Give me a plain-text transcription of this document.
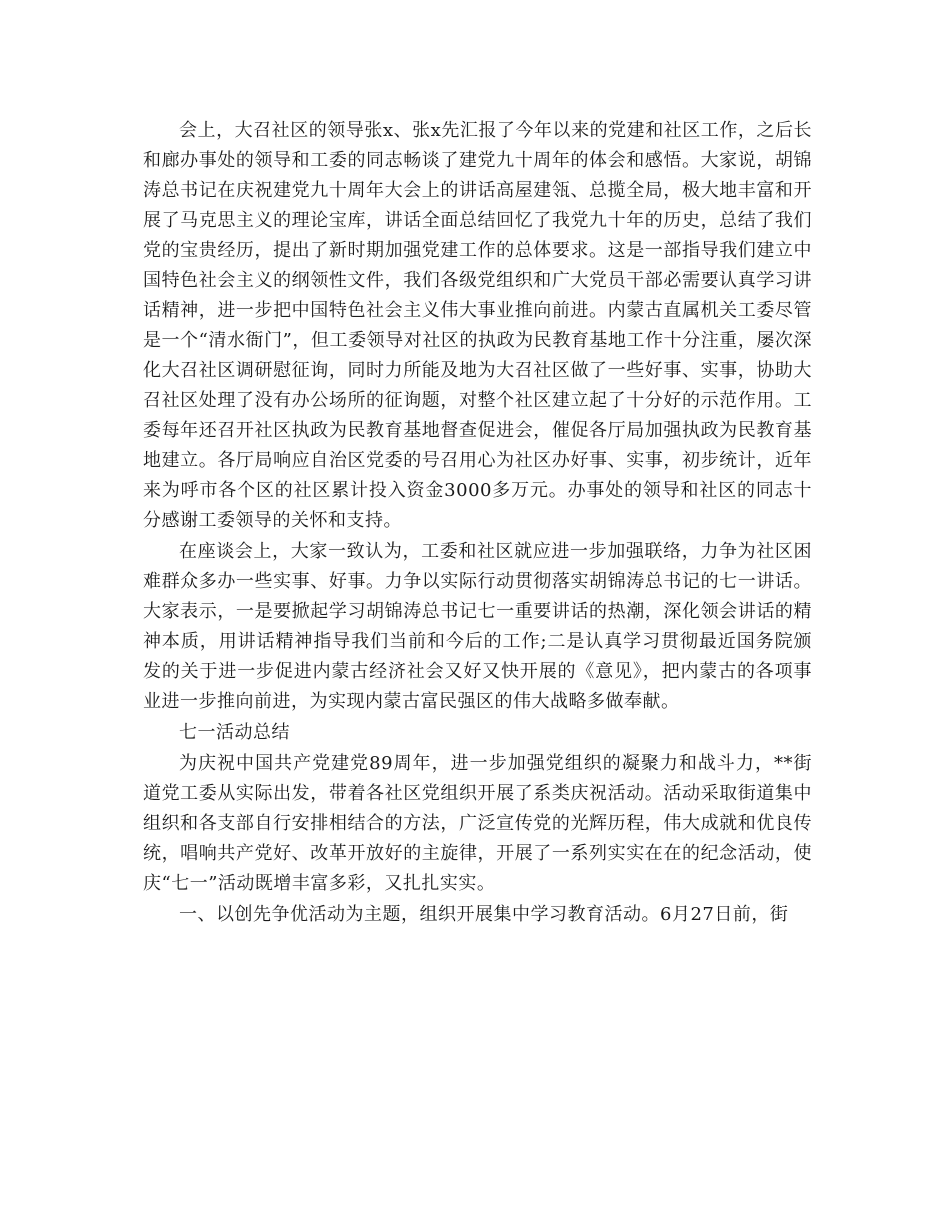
会上，大召社区的领导张x、张x先汇报了今年以来的党建和社区工作，之后长和廊办事处的领导和工委的同志畅谈了建党九十周年的体会和感悟。大家说，胡锦涛总书记在庆祝建党九十周年大会上的讲话高屋建瓴、总揽全局，极大地丰富和开展了马克思主义的理论宝库，讲话全面总结回忆了我党九十年的历史，总结了我们党的宝贵经历，提出了新时期加强党建工作的总体要求。这是一部指导我们建立中国特色社会主义的纲领性文件，我们各级党组织和广大党员干部必需要认真学习讲话精神，进一步把中国特色社会主义伟大事业推向前进。内蒙古直属机关工委尽管是一个“清水衙门”，但工委领导对社区的执政为民教育基地工作十分注重，屡次深化大召社区调研慰征询，同时力所能及地为大召社区做了一些好事、实事，协助大召社区处理了没有办公场所的征询题，对整个社区建立起了十分好的示范作用。工委每年还召开社区执政为民教育基地督查促进会，催促各厅局加强执政为民教育基地建立。各厅局响应自治区党委的号召用心为社区办好事、实事，初步统计，近年来为呼市各个区的社区累计投入资金3000多万元。办事处的领导和社区的同志十分感谢工委领导的关怀和支持。

在座谈会上，大家一致认为，工委和社区就应进一步加强联络，力争为社区困难群众多办一些实事、好事。力争以实际行动贯彻落实胡锦涛总书记的七一讲话。大家表示，一是要掀起学习胡锦涛总书记七一重要讲话的热潮，深化领会讲话的精神本质，用讲话精神指导我们当前和今后的工作;二是认真学习贯彻最近国务院颁发的关于进一步促进内蒙古经济社会又好又快开展的《意见》，把内蒙古的各项事业进一步推向前进，为实现内蒙古富民强区的伟大战略多做奉献。

七一活动总结

为庆祝中国共产党建党89周年，进一步加强党组织的凝聚力和战斗力，**街道党工委从实际出发，带着各社区党组织开展了系类庆祝活动。活动采取街道集中组织和各支部自行安排相结合的方法，广泛宣传党的光辉历程，伟大成就和优良传统，唱响共产党好、改革开放好的主旋律，开展了一系列实实在在的纪念活动，使庆“七一”活动既增丰富多彩，又扎扎实实。

一、以创先争优活动为主题，组织开展集中学习教育活动。6月27日前，街
